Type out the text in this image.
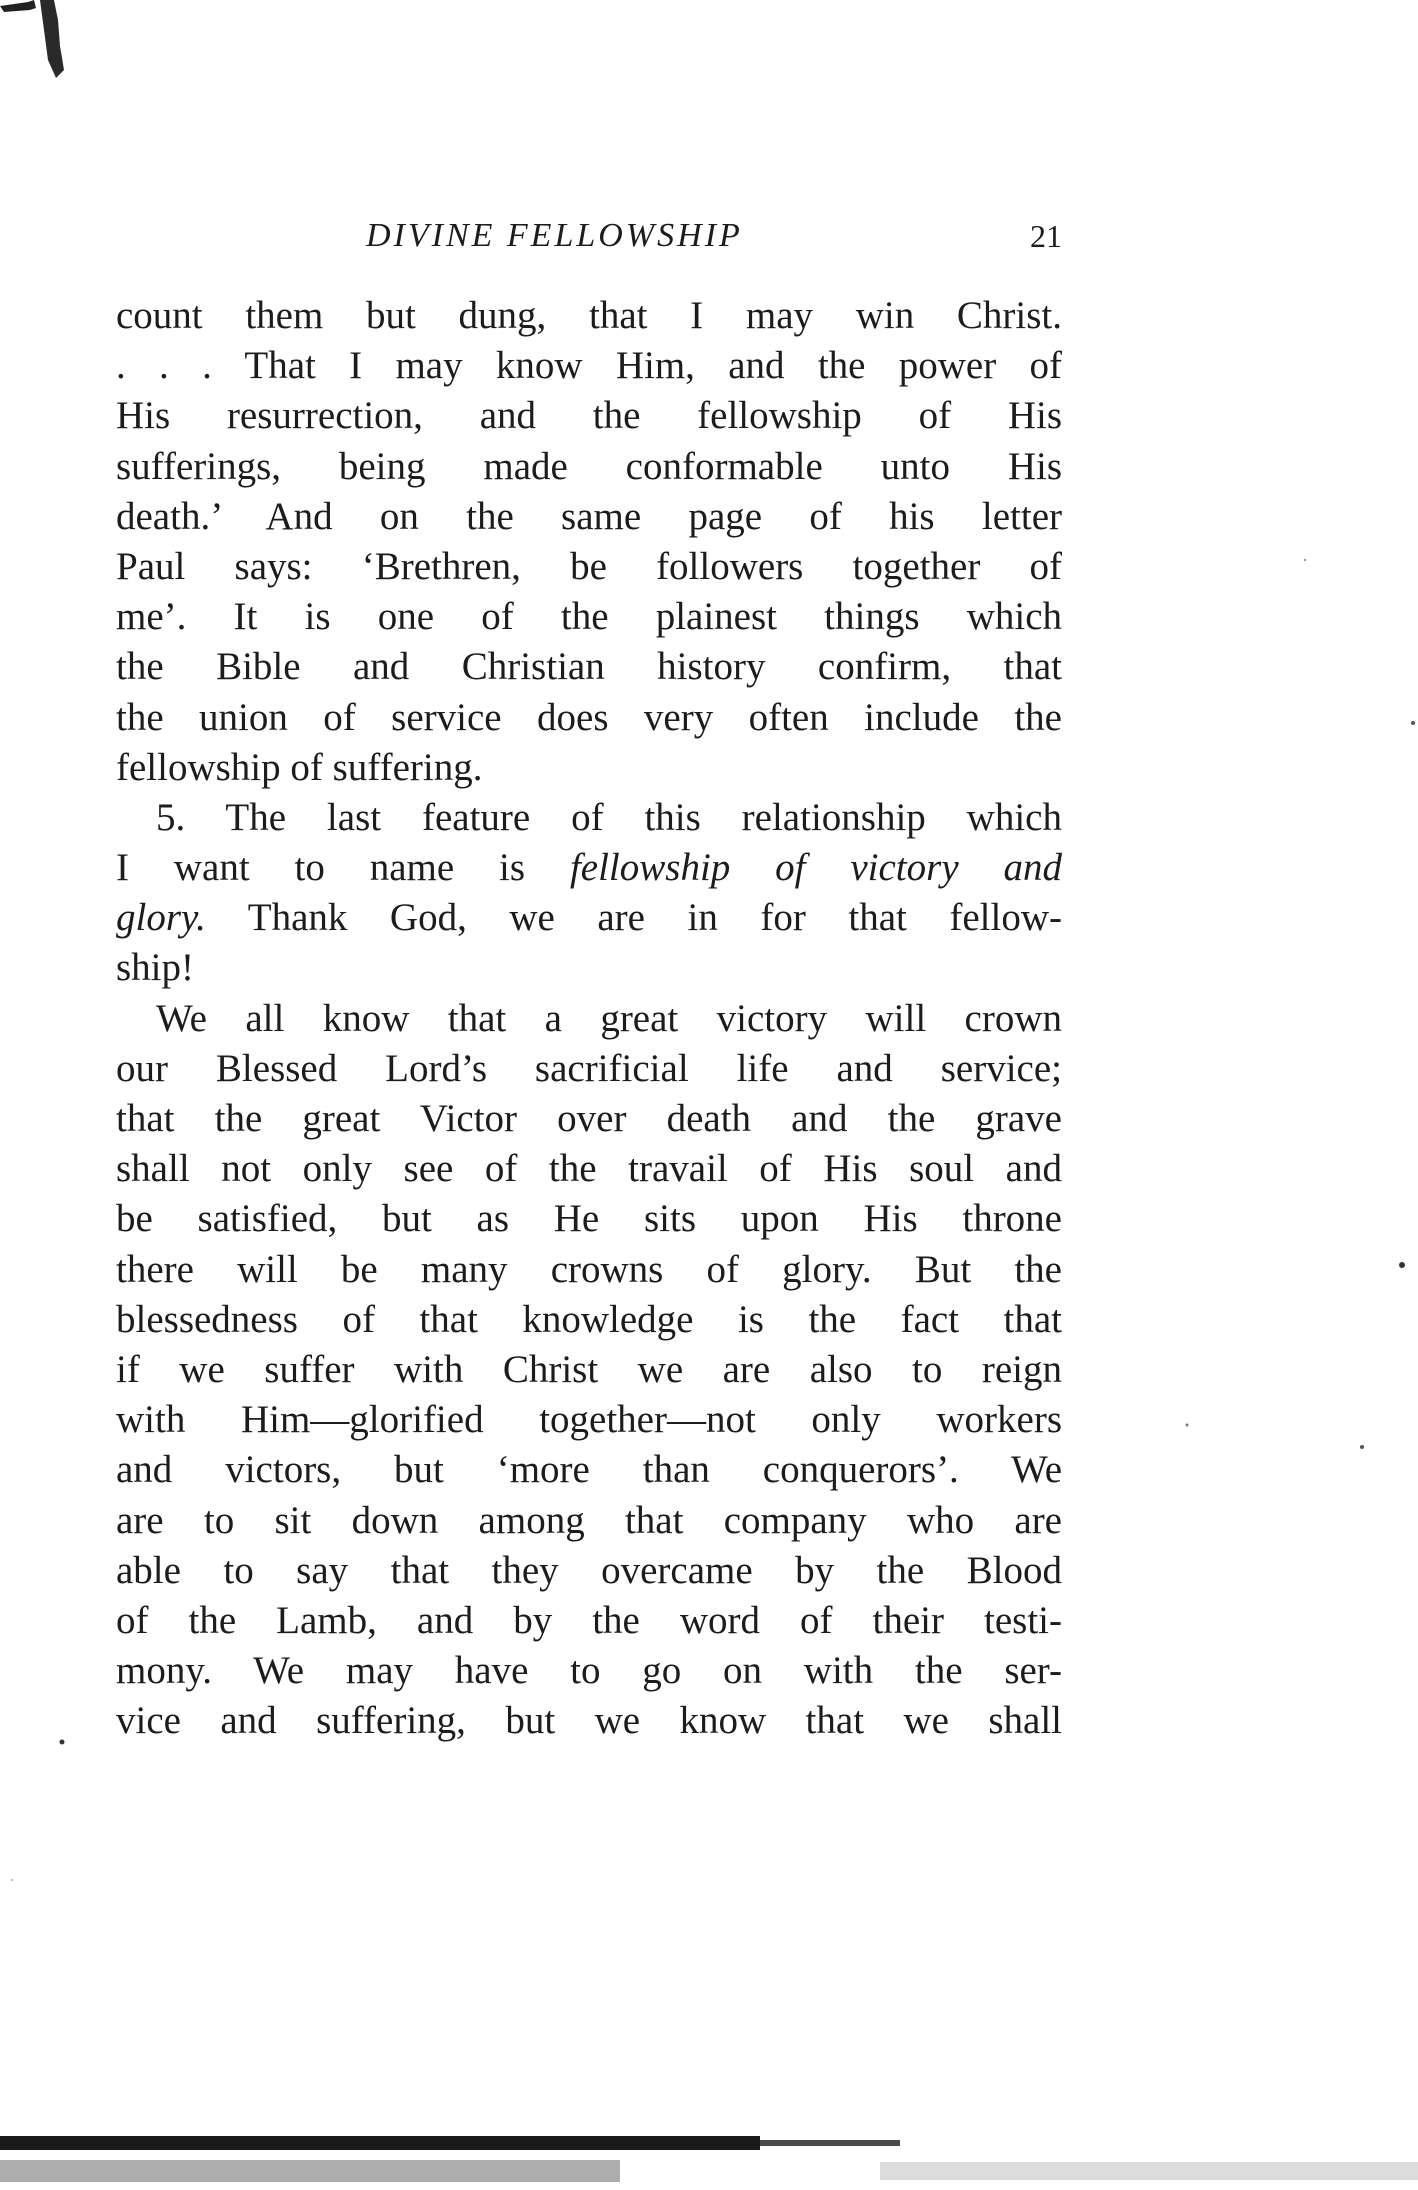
DIVINE FELLOWSHIP	21
count them but dung, that I may win Christ.
. . . That I may know Him, and the power of
His resurrection, and the fellowship of His
sufferings, being made conformable unto His
death.’ And on the same page of his letter
Paul says: ‘Brethren, be followers together of
me’. It is one of the plainest things which
the Bible and Christian history confirm, that
the union of service does very often include the
fellowship of suffering.
5. The last feature of this relationship which
I want to name is fellowship of victory and
glory. Thank God, we are in for that fellow-
ship!
We all know that a great victory will crown
our Blessed Lord’s sacrificial life and service;
that the great Victor over death and the grave
shall not only see of the travail of His soul and
be satisfied, but as He sits upon His throne
there will be many crowns of glory. But the
blessedness of that knowledge is the fact that
if we suffer with Christ we are also to reign
with Him—glorified together—not only workers
and victors, but ‘more than conquerors’. We
are to sit down among that company who are
able to say that they overcame by the Blood
of the Lamb, and by the word of their testi-
mony. We may have to go on with the ser-
vice and suffering, but we know that we shall
